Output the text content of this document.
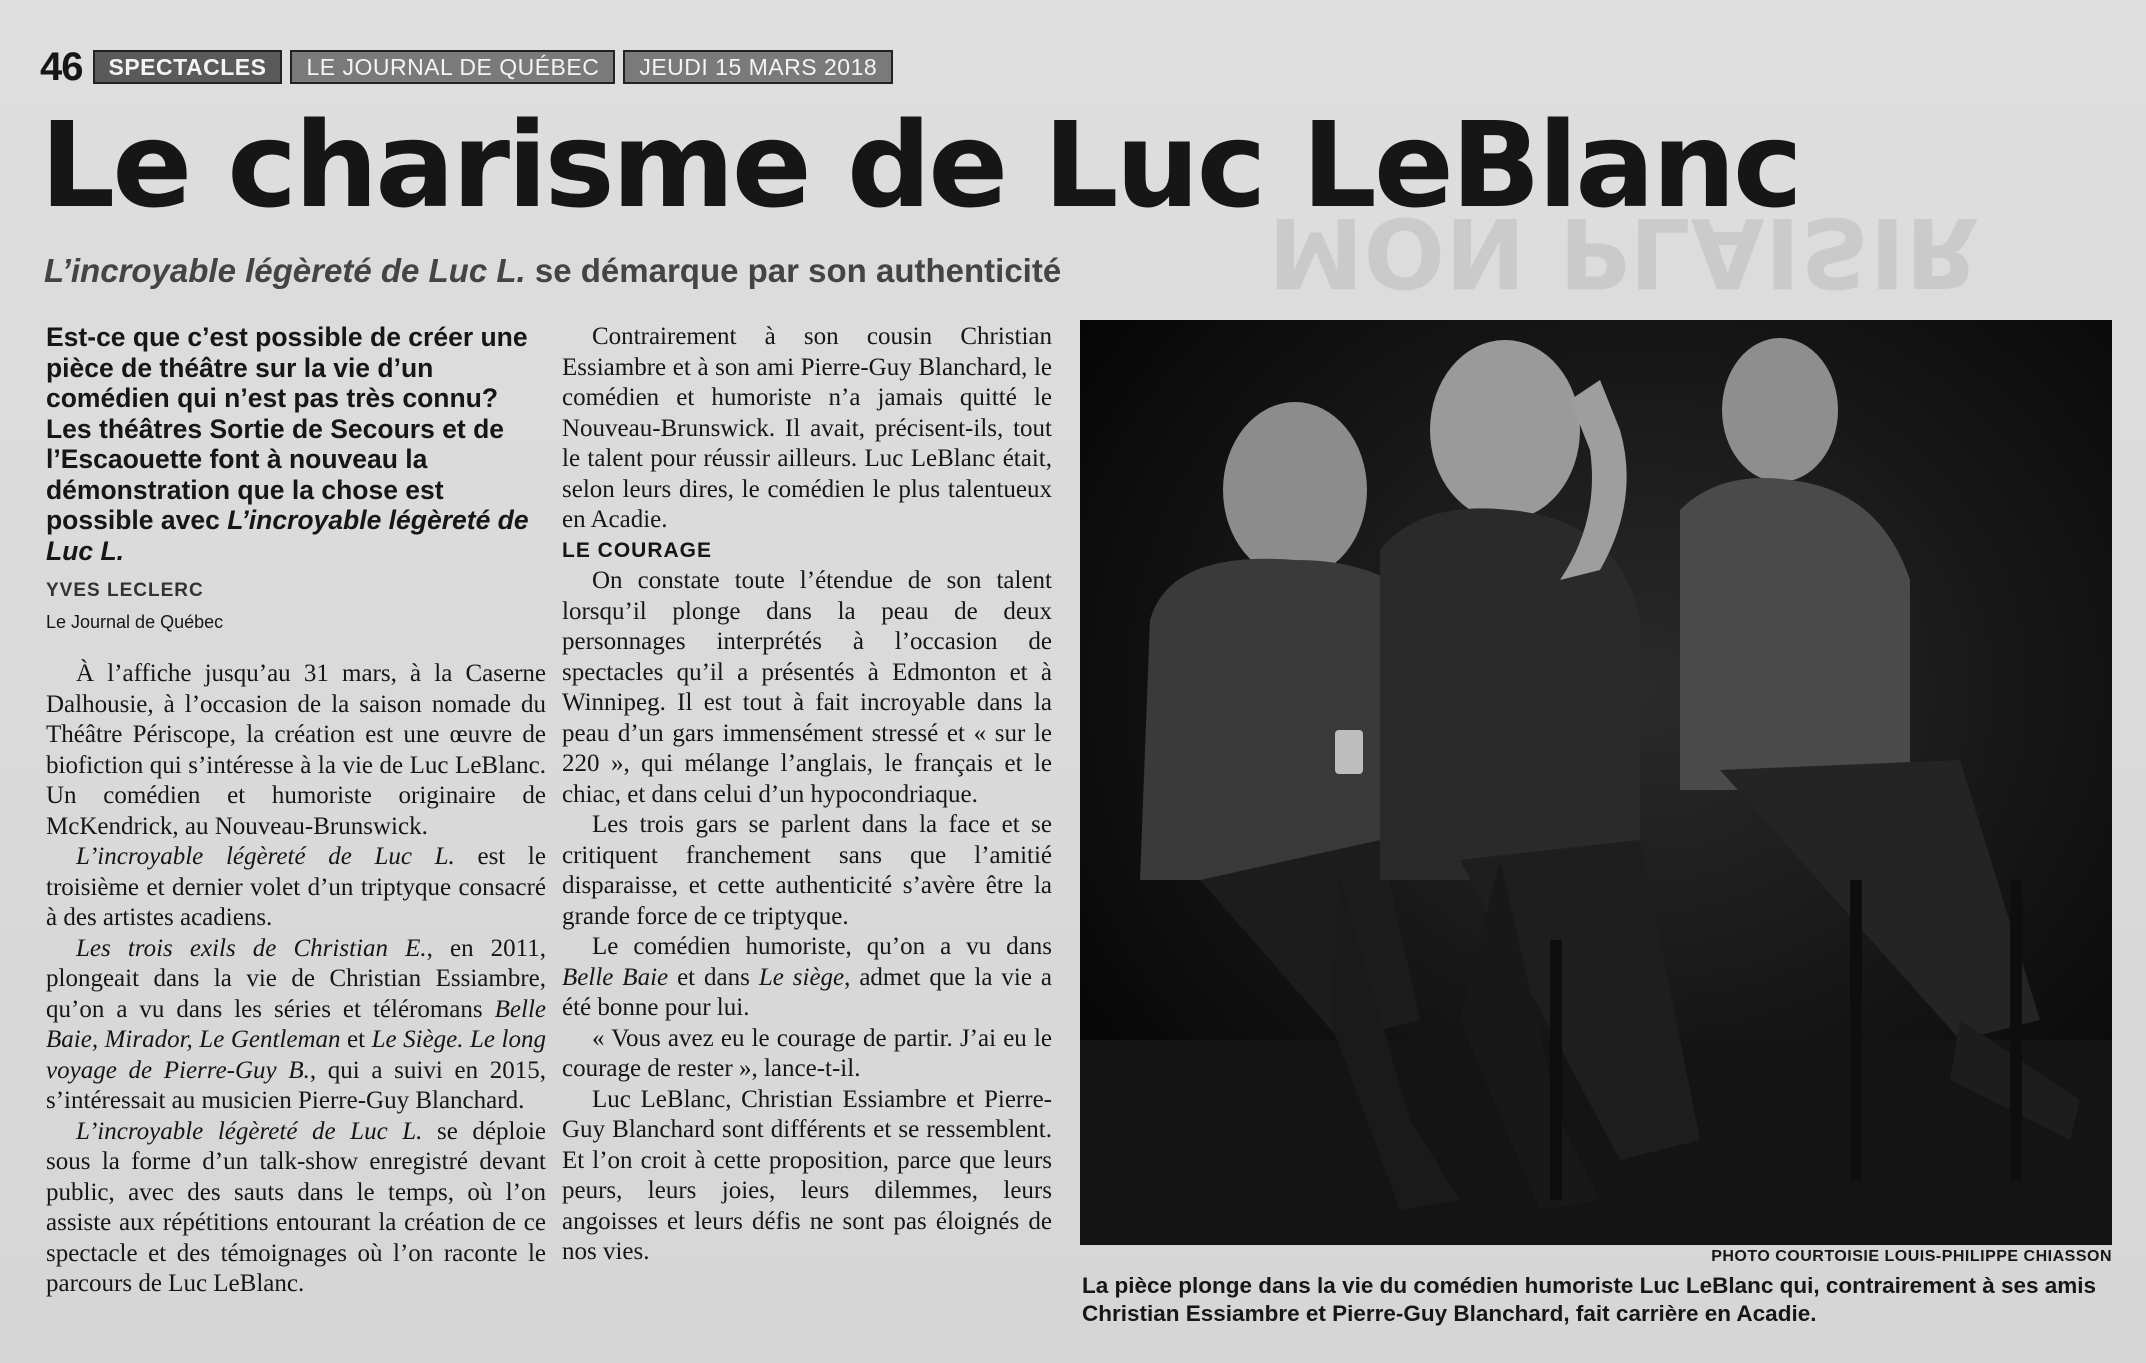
46	SPECTACLES	LE JOURNAL DE QUÉBEC	JEUDI 15 MARS 2018
MON PLAISIR
Le charisme de Luc LeBlanc
L’incroyable légèreté de Luc L. se démarque par son authenticité
Est-ce que c’est possible de créer une pièce de théâtre sur la vie d’un comédien qui n’est pas très connu? Les théâtres Sortie de Secours et de l’Escaouette font à nouveau la démonstration que la chose est possible avec L’incroyable légèreté de Luc L.
YVES LECLERC
Le Journal de Québec

À l’affiche jusqu’au 31 mars, à la Caserne Dalhousie, à l’occasion de la saison nomade du Théâtre Périscope, la création est une œuvre de biofiction qui s’intéresse à la vie de Luc LeBlanc. Un comédien et humoriste originaire de McKendrick, au Nouveau-Brunswick.

L’incroyable légèreté de Luc L. est le troisième et dernier volet d’un triptyque consacré à des artistes acadiens.

Les trois exils de Christian E., en 2011, plongeait dans la vie de Christian Essiambre, qu’on a vu dans les séries et téléromans Belle Baie, Mirador, Le Gentleman et Le Siège. Le long voyage de Pierre-Guy B., qui a suivi en 2015, s’intéressait au musicien Pierre-Guy Blanchard.

L’incroyable légèreté de Luc L. se déploie sous la forme d’un talk-show enregistré devant public, avec des sauts dans le temps, où l’on assiste aux répétitions entourant la création de ce spectacle et des témoignages où l’on raconte le parcours de Luc LeBlanc.

Contrairement à son cousin Christian Essiambre et à son ami Pierre-Guy Blanchard, le comédien et humoriste n’a jamais quitté le Nouveau-Brunswick. Il avait, précisent-ils, tout le talent pour réussir ailleurs. Luc LeBlanc était, selon leurs dires, le comédien le plus talentueux en Acadie.

LE COURAGE

On constate toute l’étendue de son talent lorsqu’il plonge dans la peau de deux personnages interprétés à l’occasion de spectacles qu’il a présentés à Edmonton et à Winnipeg. Il est tout à fait incroyable dans la peau d’un gars immensément stressé et « sur le 220 », qui mélange l’anglais, le français et le chiac, et dans celui d’un hypocondriaque.

Les trois gars se parlent dans la face et se critiquent franchement sans que l’amitié disparaisse, et cette authenticité s’avère être la grande force de ce triptyque.

Le comédien humoriste, qu’on a vu dans Belle Baie et dans Le siège, admet que la vie a été bonne pour lui.

« Vous avez eu le courage de partir. J’ai eu le courage de rester », lance-t-il.

Luc LeBlanc, Christian Essiambre et Pierre-Guy Blanchard sont différents et se ressemblent. Et l’on croit à cette proposition, parce que leurs peurs, leurs joies, leurs dilemmes, leurs angoisses et leurs défis ne sont pas éloignés de nos vies.	PHOTO COURTOISIE LOUIS-PHILIPPE CHIASSON
La pièce plonge dans la vie du comédien humoriste Luc LeBlanc qui, contrairement à ses amis Christian Essiambre et Pierre-Guy Blanchard, fait carrière en Acadie.
